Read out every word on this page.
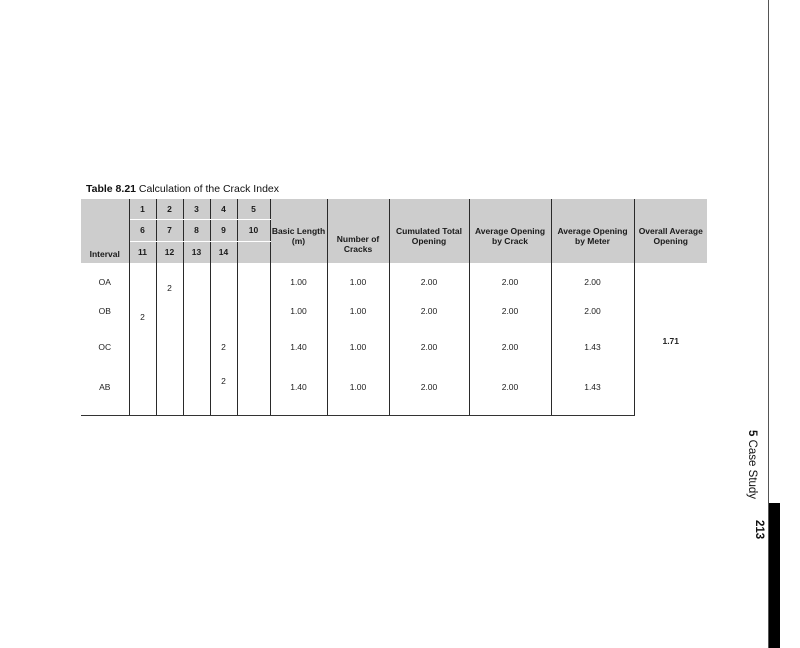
Table 8.21 Calculation of the Crack Index
Interval	1	2	3	4	5	Basic Length (m)	Number of Cracks	Cumulated Total Opening	Average Opening by Crack	Average Opening by Meter	Overall Average Opening
	6	7	8	9	10						
	11	12	13	14							
OA		2				1.00	1.00	2.00	2.00	2.00	1.71
OB	2					1.00	1.00	2.00	2.00	2.00	
OC				2		1.40	1.00	2.00	2.00	1.43	
AB				2		1.40	1.00	2.00	2.00	1.43	
5 Case Study
213
